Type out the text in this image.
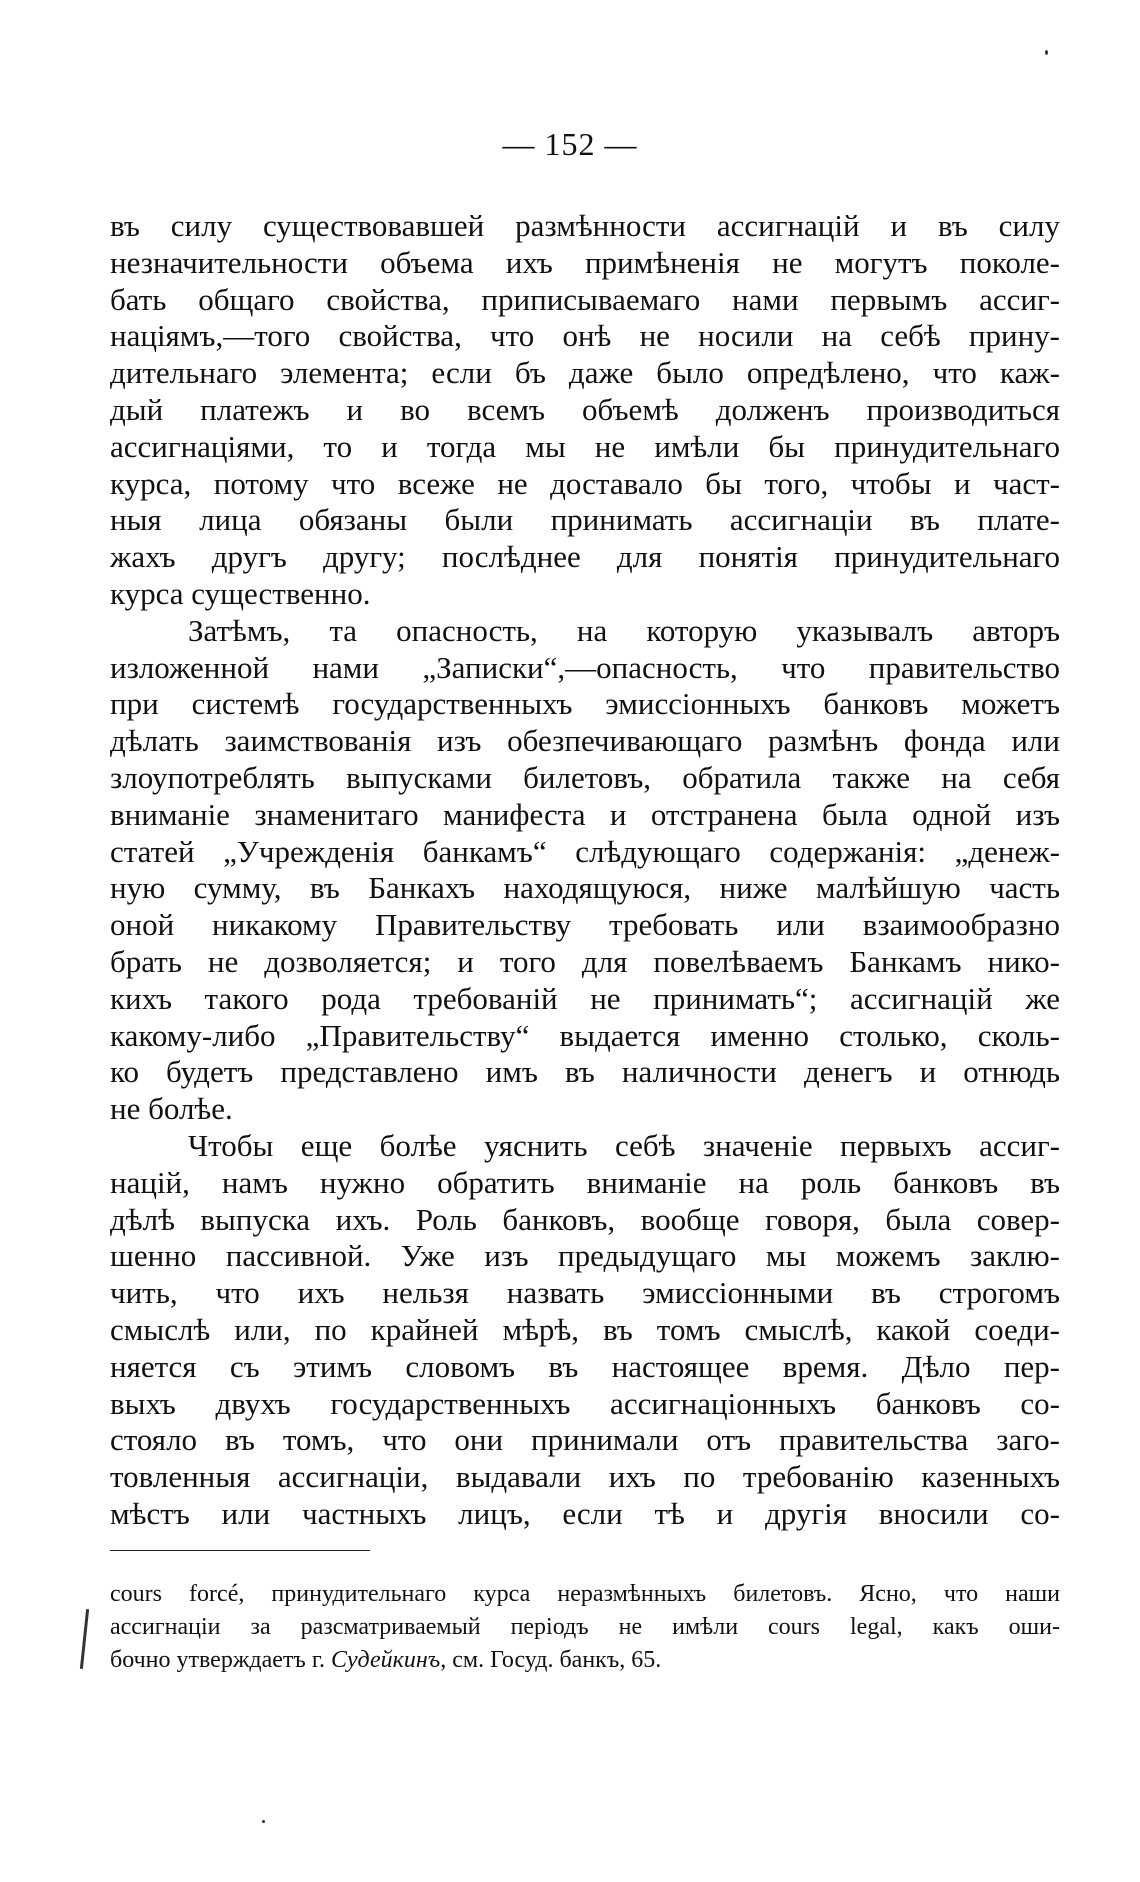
— 152 —
въ силу существовавшей размѣнности ассигнацій и въ силу
незначительности объема ихъ примѣненія не могутъ поколе-
бать общаго свойства, приписываемаго нами первымъ ассиг-
націямъ,—того свойства, что онѣ не носили на себѣ прину-
дительнаго элемента; если бъ даже было опредѣлено, что каж-
дый платежъ и во всемъ объемѣ долженъ производиться
ассигнаціями, то и тогда мы не имѣли бы принудительнаго
курса, потому что всеже не доставало бы того, чтобы и част-
ныя лица обязаны были принимать ассигнаціи въ плате-
жахъ другъ другу; послѣднее для понятія принудительнаго
курса существенно.
Затѣмъ, та опасность, на которую указывалъ авторъ
изложенной нами „Записки“,—опасность, что правительство
при системѣ государственныхъ эмиссіонныхъ банковъ можетъ
дѣлать заимствованія изъ обезпечивающаго размѣнъ фонда или
злоупотреблять выпусками билетовъ, обратила также на себя
вниманіе знаменитаго манифеста и отстранена была одной изъ
статей „Учрежденія банкамъ“ слѣдующаго содержанія: „денеж-
ную сумму, въ Банкахъ находящуюся, ниже малѣйшую часть
оной никакому Правительству требовать или взаимообразно
брать не дозволяется; и того для повелѣваемъ Банкамъ нико-
кихъ такого рода требованій не принимать“; ассигнацій же
какому-либо „Правительству“ выдается именно столько, сколь-
ко будетъ представлено имъ въ наличности денегъ и отнюдь
не болѣе.
Чтобы еще болѣе уяснить себѣ значеніе первыхъ ассиг-
націй, намъ нужно обратить вниманіе на роль банковъ въ
дѣлѣ выпуска ихъ. Роль банковъ, вообще говоря, была совер-
шенно пассивной. Уже изъ предыдущаго мы можемъ заклю-
чить, что ихъ нельзя назвать эмиссіонными въ строгомъ
смыслѣ или, по крайней мѣрѣ, въ томъ смыслѣ, какой соеди-
няется съ этимъ словомъ въ настоящее время. Дѣло пер-
выхъ двухъ государственныхъ ассигнаціонныхъ банковъ со-
стояло въ томъ, что они принимали отъ правительства заго-
товленныя ассигнаціи, выдавали ихъ по требованію казенныхъ
мѣстъ или частныхъ лицъ, если тѣ и другія вносили со-
cours forcé, принудительнаго курса неразмѣнныхъ билетовъ. Ясно, что наши
ассигнаціи за разсматриваемый періодъ не имѣли cours legal, какъ оши-
бочно утверждаетъ г. Судейкинъ, см. Госуд. банкъ, 65.
